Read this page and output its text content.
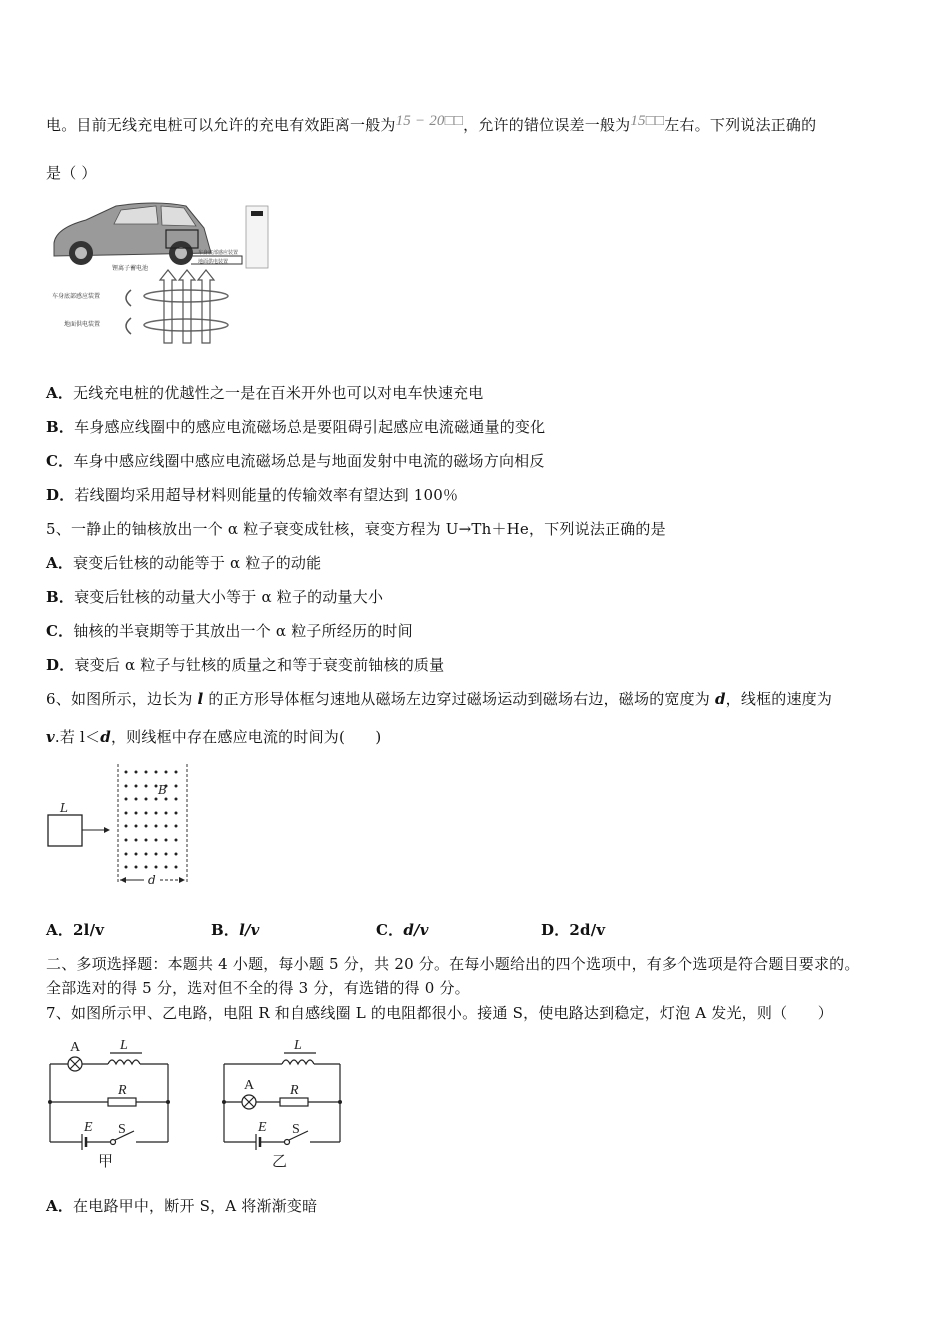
电。目前无线充电桩可以允许的充电有效距离一般为15 − 20□□，允许的错位误差一般为15□□左右。下列说法正确的
是（ ）
车身底部感应装置
地面供电装置
锂离子蓄电池
车身底部感应装置
地面供电装置
A．无线充电桩的优越性之一是在百米开外也可以对电车快速充电
B．车身感应线圈中的感应电流磁场总是要阻碍引起感应电流磁通量的变化
C．车身中感应线圈中感应电流磁场总是与地面发射中电流的磁场方向相反
D．若线圈均采用超导材料则能量的传输效率有望达到 100％
5、一静止的铀核放出一个 α 粒子衰变成钍核，衰变方程为 U→Th＋He，下列说法正确的是
A．衰变后钍核的动能等于 α 粒子的动能
B．衰变后钍核的动量大小等于 α 粒子的动量大小
C．铀核的半衰期等于其放出一个 α 粒子所经历的时间
D．衰变后 α 粒子与钍核的质量之和等于衰变前铀核的质量
6、如图所示，边长为 l 的正方形导体框匀速地从磁场左边穿过磁场运动到磁场右边，磁场的宽度为 d，线框的速度为
v.若 l＜d，则线框中存在感应电流的时间为(　　)
L
B
d
A．2l/v	B．l/v	C．d/v	D．2d/v
二、多项选择题：本题共 4 小题，每小题 5 分，共 20 分。在每小题给出的四个选项中，有多个选项是符合题目要求的。
全部选对的得 5 分，选对但不全的得 3 分，有选错的得 0 分。
7、如图所示甲、乙电路，电阻 R 和自感线圈 L 的电阻都很小。接通 S，使电路达到稳定，灯泡 A 发光，则（　　）
A	L
R
E S
A
L
R
E S
甲	乙
A．在电路甲中，断开 S，A 将渐渐变暗
